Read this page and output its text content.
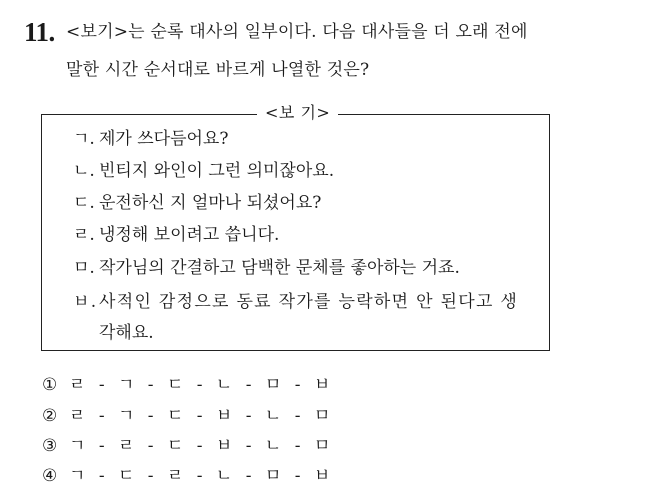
11. <보기>는 순록 대사의 일부이다. 다음 대사들을 더 오래 전에
말한 시간 순서대로 바르게 나열한 것은?
<보 기>
ㄱ. 제가 쓰다듬어요?
ㄴ. 빈티지 와인이 그런 의미잖아요.
ㄷ. 운전하신 지 얼마나 되셨어요?
ㄹ. 냉정해 보이려고 씁니다.
ㅁ. 작가님의 간결하고 담백한 문체를 좋아하는 거죠.
ㅂ.사적인 감정으로 동료 작가를 능락하면 안 된다고 생
각해요.
① ㄹ - ㄱ - ㄷ - ㄴ - ㅁ - ㅂ
② ㄹ - ㄱ - ㄷ - ㅂ - ㄴ - ㅁ
③ ㄱ - ㄹ - ㄷ - ㅂ - ㄴ - ㅁ
④ ㄱ - ㄷ - ㄹ - ㄴ - ㅁ - ㅂ
